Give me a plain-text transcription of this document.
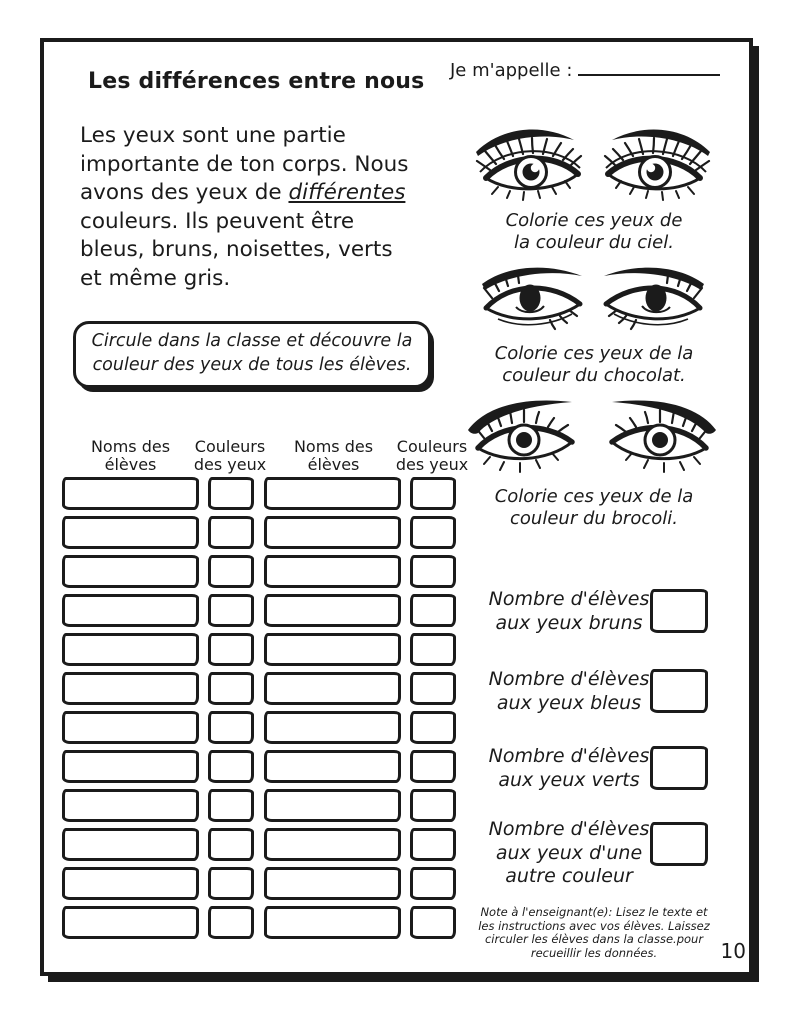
Les différences entre nous Je m'appelle :
Les yeux sont une partie
importante de ton corps. Nous
avons des yeux de différentes
couleurs. Ils peuvent être
bleus, bruns, noisettes, verts
et même gris.
Circule dans la classe et découvre la
couleur des yeux de tous les élèves.
Colorie ces yeux de
la couleur du ciel.
Colorie ces yeux de la
couleur du chocolat.
Colorie ces yeux de la
couleur du brocoli.
Noms des
élèves
Couleurs
des yeux
Noms des
élèves
Couleurs
des yeux
Nombre d'élèves
aux yeux bruns
Nombre d'élèves
aux yeux bleus
Nombre d'élèves
aux yeux verts
Nombre d'élèves
aux yeux d'une
autre couleur
Note à l'enseignant(e): Lisez le texte et
les instructions avec vos élèves. Laissez
circuler les élèves dans la classe.pour
recueillir les données.	10
